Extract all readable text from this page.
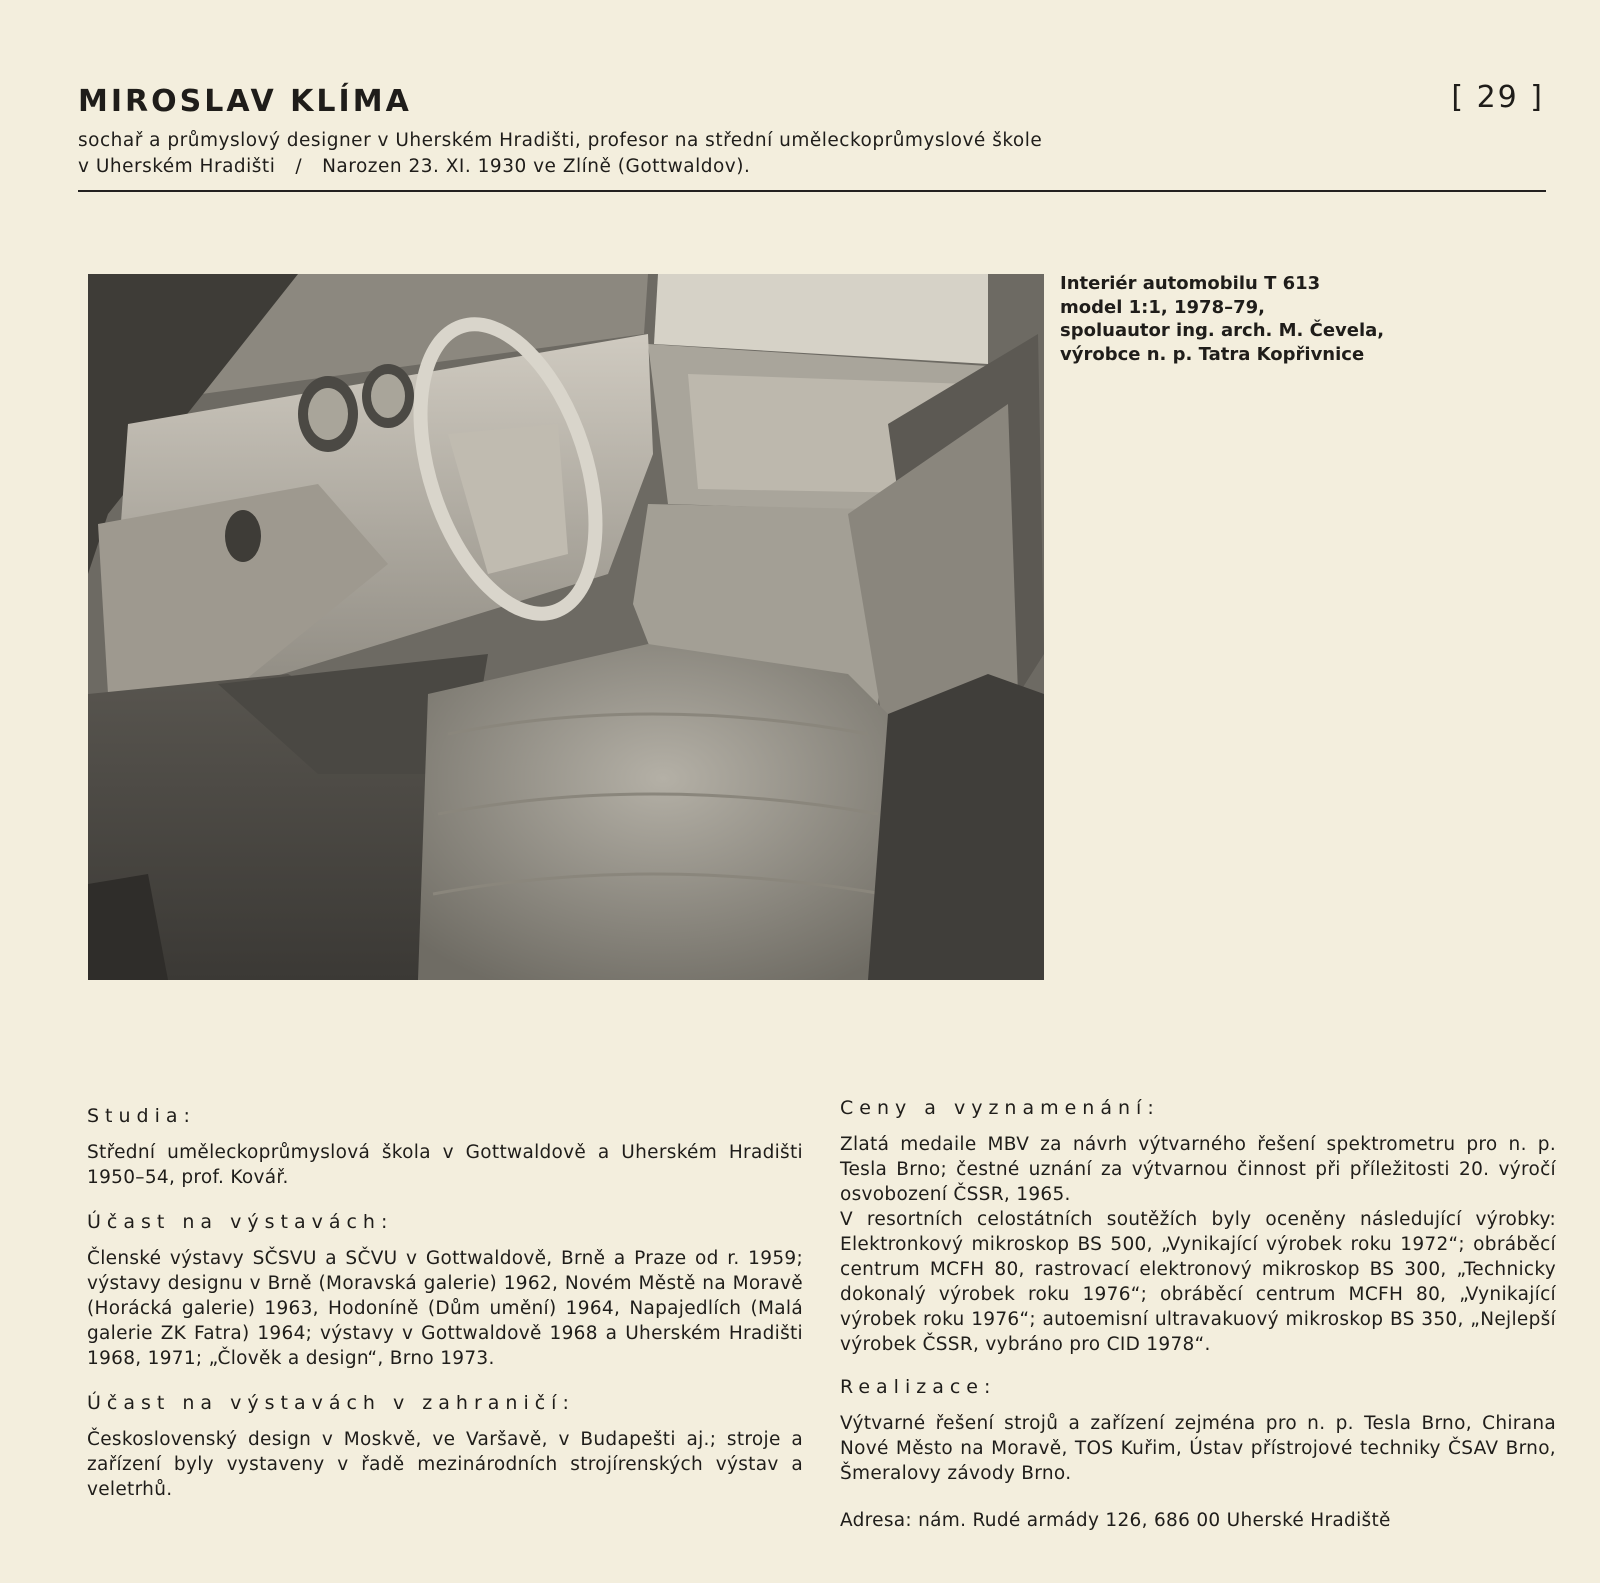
MIROSLAV KLÍMA	[ 29 ]
sochař a průmyslový designer v Uherském Hradišti, profesor na střední uměleckoprůmyslové škole
v Uherském Hradišti / Narozen 23. XI. 1930 ve Zlíně (Gottwaldov).
Interiér automobilu T 613
model 1:1, 1978–79,
spoluautor ing. arch. M. Čevela,
výrobce n. p. Tatra Kopřivnice
Studia:
Střední uměleckoprůmyslová škola v Gottwaldově a Uherském Hradišti 1950–54, prof. Kovář.
Účast na výstavách:
Členské výstavy SČSVU a SČVU v Gottwaldově, Brně a Praze od r. 1959; výstavy designu v Brně (Moravská galerie) 1962, Novém Městě na Moravě (Horácká galerie) 1963, Hodoníně (Dům umění) 1964, Napajedlích (Malá galerie ZK Fatra) 1964; výstavy v Gottwaldově 1968 a Uherském Hradišti 1968, 1971; „Člověk a design“, Brno 1973.
Účast na výstavách v zahraničí:
Československý design v Moskvě, ve Varšavě, v Budapešti aj.; stroje a zařízení byly vystaveny v řadě mezinárodních strojírenských výstav a veletrhů.
Ceny a vyznamenání:
Zlatá medaile MBV za návrh výtvarného řešení spektrometru pro n. p. Tesla Brno; čestné uznání za výtvarnou činnost při příležitosti 20. výročí osvobození ČSSR, 1965.
V resortních celostátních soutěžích byly oceněny následující výrobky: Elektronkový mikroskop BS 500, „Vynikající výrobek roku 1972“; obráběcí centrum MCFH 80, rastrovací elektronový mikroskop BS 300, „Technicky dokonalý výrobek roku 1976“; obráběcí centrum MCFH 80, „Vynikající výrobek roku 1976“; autoemisní ultravakuový mikroskop BS 350, „Nejlepší výrobek ČSSR, vybráno pro CID 1978“.
Realizace:
Výtvarné řešení strojů a zařízení zejména pro n. p. Tesla Brno, Chirana Nové Město na Moravě, TOS Kuřim, Ústav přístrojové techniky ČSAV Brno, Šmeralovy závody Brno.
Adresa: nám. Rudé armády 126, 686 00 Uherské Hradiště
